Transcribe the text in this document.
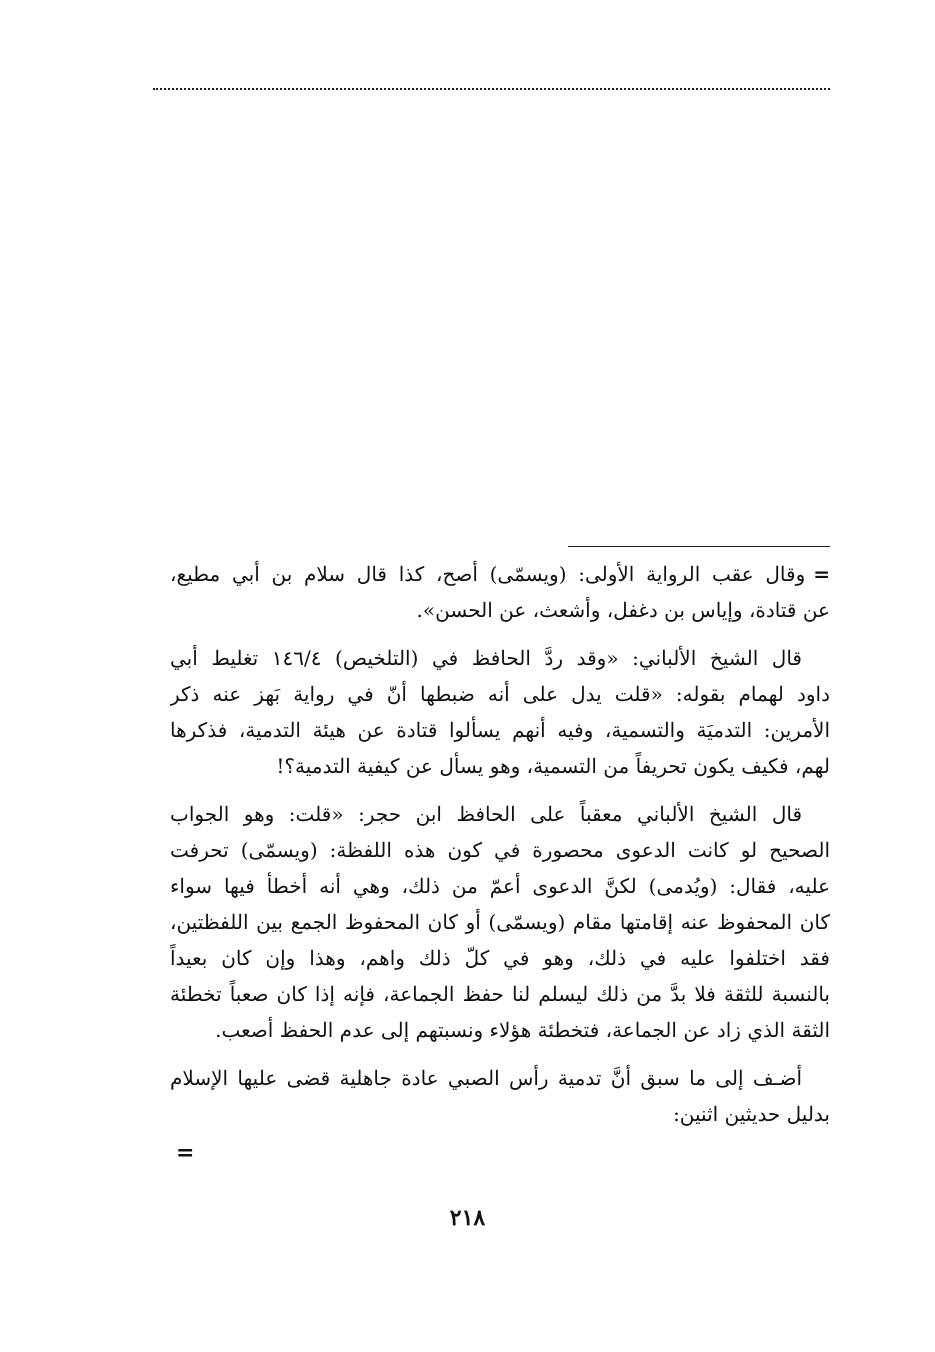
=وقال عقب الرواية الأولى: (ويسمّى) أصح، كذا قال سلام بن أبي مطيع،
عن قتادة، وإياس بن دغفل، وأشعث، عن الحسن».
قال الشيخ الألباني: «وقد ردَّ الحافظ في (التلخيص) ١٤٦/٤ تغليط أبي
داود لهمام بقوله: «قلت يدل على أنه ضبطها أنّ في رواية بَهز عنه ذكر
الأمرين: التدميَة والتسمية، وفيه أنهم يسألوا قتادة عن هيئة التدمية، فذكرها
لهم، فكيف يكون تحريفاً من التسمية، وهو يسأل عن كيفية التدمية؟!
قال الشيخ الألباني معقباً على الحافظ ابن حجر: «قلت: وهو الجواب
الصحيح لو كانت الدعوى محصورة في كون هذه اللفظة: (ويسمّى) تحرفت
عليه، فقال: (ويُدمى) لكنَّ الدعوى أعمّ من ذلك، وهي أنه أخطأ فيها سواء
كان المحفوظ عنه إقامتها مقام (ويسمّى) أو كان المحفوظ الجمع بين اللفظتين،
فقد اختلفوا عليه في ذلك، وهو في كلّ ذلك واهم، وهذا وإن كان بعيداً
بالنسبة للثقة فلا بدَّ من ذلك ليسلم لنا حفظ الجماعة، فإنه إذا كان صعباً تخطئة
الثقة الذي زاد عن الجماعة، فتخطئة هؤلاء ونسبتهم إلى عدم الحفظ أصعب.
أضـف إلى ما سبق أنَّ تدمية رأس الصبي عادة جاهلية قضى عليها الإسلام
بدليل حديثين اثنين:
=
٢١٨
